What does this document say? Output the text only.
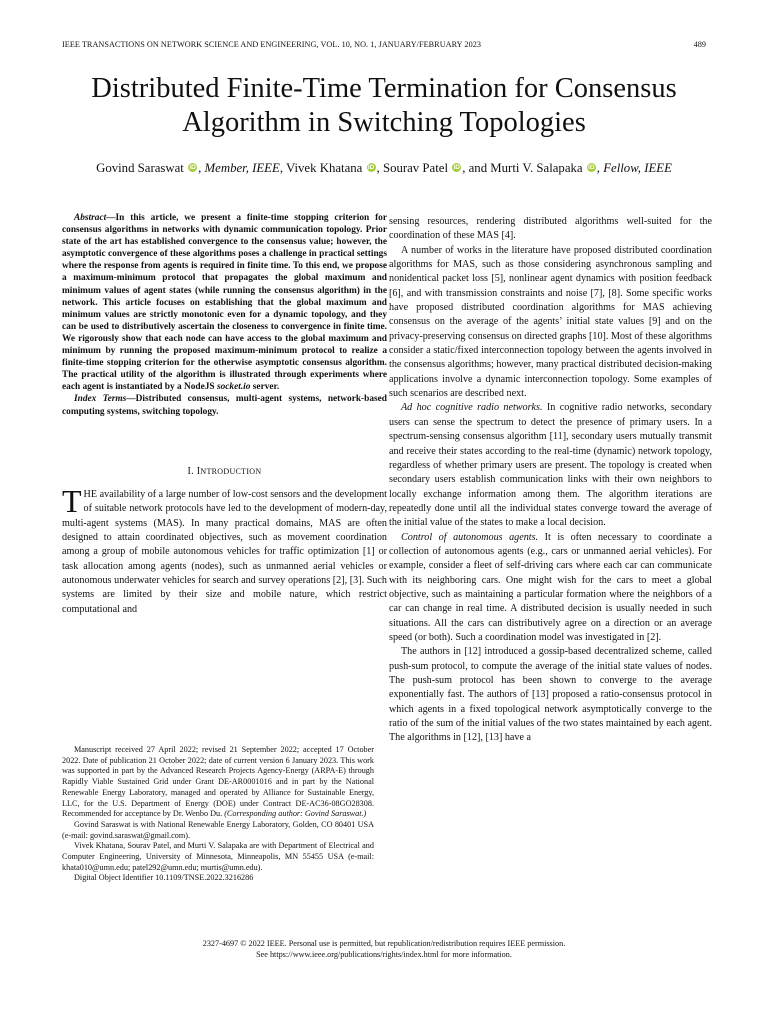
IEEE TRANSACTIONS ON NETWORK SCIENCE AND ENGINEERING, VOL. 10, NO. 1, JANUARY/FEBRUARY 2023	489
Distributed Finite-Time Termination for Consensus Algorithm in Switching Topologies
Govind Saraswat iD , Member, IEEE, Vivek Khatana iD , Sourav Patel iD , and Murti V. Salapaka iD , Fellow, IEEE

Abstract—In this article, we present a finite-time stopping criterion for consensus algorithms in networks with dynamic communication topology. Prior state of the art has established convergence to the consensus value; however, the asymptotic convergence of these algorithms poses a challenge in practical settings where the response from agents is required in finite time. To this end, we propose a maximum-minimum protocol that propagates the global maximum and minimum values of agent states (while running the consensus algorithm) in the network. This article focuses on establishing that the global maximum and minimum values are strictly monotonic even for a dynamic topology, and they can be used to distributively ascertain the closeness to convergence in finite time. We rigorously show that each node can have access to the global maximum and minimum by running the proposed maximum-minimum protocol to realize a finite-time stopping criterion for the otherwise asymptotic consensus algorithm. The practical utility of the algorithm is illustrated through experiments where each agent is instantiated by a NodeJS socket.io server.

Index Terms—Distributed consensus, multi-agent systems, network-based computing systems, switching topology.

I. INTRODUCTION

THE availability of a large number of low-cost sensors and the development of suitable network protocols have led to the development of modern-day, multi-agent systems (MAS). In many practical domains, MAS are often designed to attain coordinated objectives, such as movement coordination among a group of mobile autonomous vehicles for traffic optimization [1] or task allocation among agents (nodes), such as unmanned aerial vehicles or autonomous underwater vehicles for search and survey operations [2], [3]. Such systems are limited by their size and mobile nature, which restrict computational and

Manuscript received 27 April 2022; revised 21 September 2022; accepted 17 October 2022. Date of publication 21 October 2022; date of current version 6 January 2023. This work was supported in part by the Advanced Research Projects Agency-Energy (ARPA-E) through Rapidly Viable Sustained Grid under Grant DE-AR0001016 and in part by the National Renewable Energy Laboratory, managed and operated by Alliance for Sustainable Energy, LLC, for the U.S. Department of Energy (DOE) under Contract DE-AC36-08GO28308. Recommended for acceptance by Dr. Wenbo Du. (Corresponding author: Govind Saraswat.)

Govind Saraswat is with National Renewable Energy Laboratory, Golden, CO 80401 USA (e-mail: govind.saraswat@gmail.com).

Vivek Khatana, Sourav Patel, and Murti V. Salapaka are with Department of Electrical and Computer Engineering, University of Minnesota, Minneapolis, MN 55455 USA (e-mail: khata010@umn.edu; patel292@umn.edu; murtis@umn.edu).

Digital Object Identifier 10.1109/TNSE.2022.3216286

sensing resources, rendering distributed algorithms well-suited for the coordination of these MAS [4].

A number of works in the literature have proposed distributed coordination algorithms for MAS, such as those considering asynchronous sampling and nonidentical packet loss [5], nonlinear agent dynamics with position feedback [6], and with transmission constraints and noise [7], [8]. Some specific works have proposed distributed coordination algorithms for MAS achieving consensus on the average of the agents’ initial state values [9] and on the privacy-preserving consensus on directed graphs [10]. Most of these algorithms consider a static/fixed interconnection topology between the agents involved in the consensus algorithms; however, many practical distributed decision-making applications involve a dynamic interconnection topology. Some examples of such scenarios are described next.

Ad hoc cognitive radio networks. In cognitive radio networks, secondary users can sense the spectrum to detect the presence of primary users. In a spectrum-sensing consensus algorithm [11], secondary users mutually transmit and receive their states according to the real-time (dynamic) network topology, regardless of whether primary users are present. The topology is created when secondary users establish communication links with their own neighbors to locally exchange information among them. The algorithm iterations are repeatedly done until all the individual states converge toward the average of the initial value of the states to make a local decision.

Control of autonomous agents. It is often necessary to coordinate a collection of autonomous agents (e.g., cars or unmanned aerial vehicles). For example, consider a fleet of self-driving cars where each car can communicate with its neighboring cars. One might wish for the cars to meet a global objective, such as maintaining a particular formation where the neighbors of a car can change in real time. A distributed decision is usually needed in such situations. All the cars can distributively agree on a direction or an average speed (or both). Such a coordination model was investigated in [2].

The authors in [12] introduced a gossip-based decentralized scheme, called push-sum protocol, to compute the average of the initial state values of nodes. The push-sum protocol has been shown to converge to the average exponentially fast. The authors of [13] proposed a ratio-consensus protocol in which agents in a fixed topological network asymptotically converge to the ratio of the sum of the initial values of the two states maintained by each agent. The algorithms in [12], [13] have a

2327-4697 © 2022 IEEE. Personal use is permitted, but republication/redistribution requires IEEE permission.
See https://www.ieee.org/publications/rights/index.html for more information.
